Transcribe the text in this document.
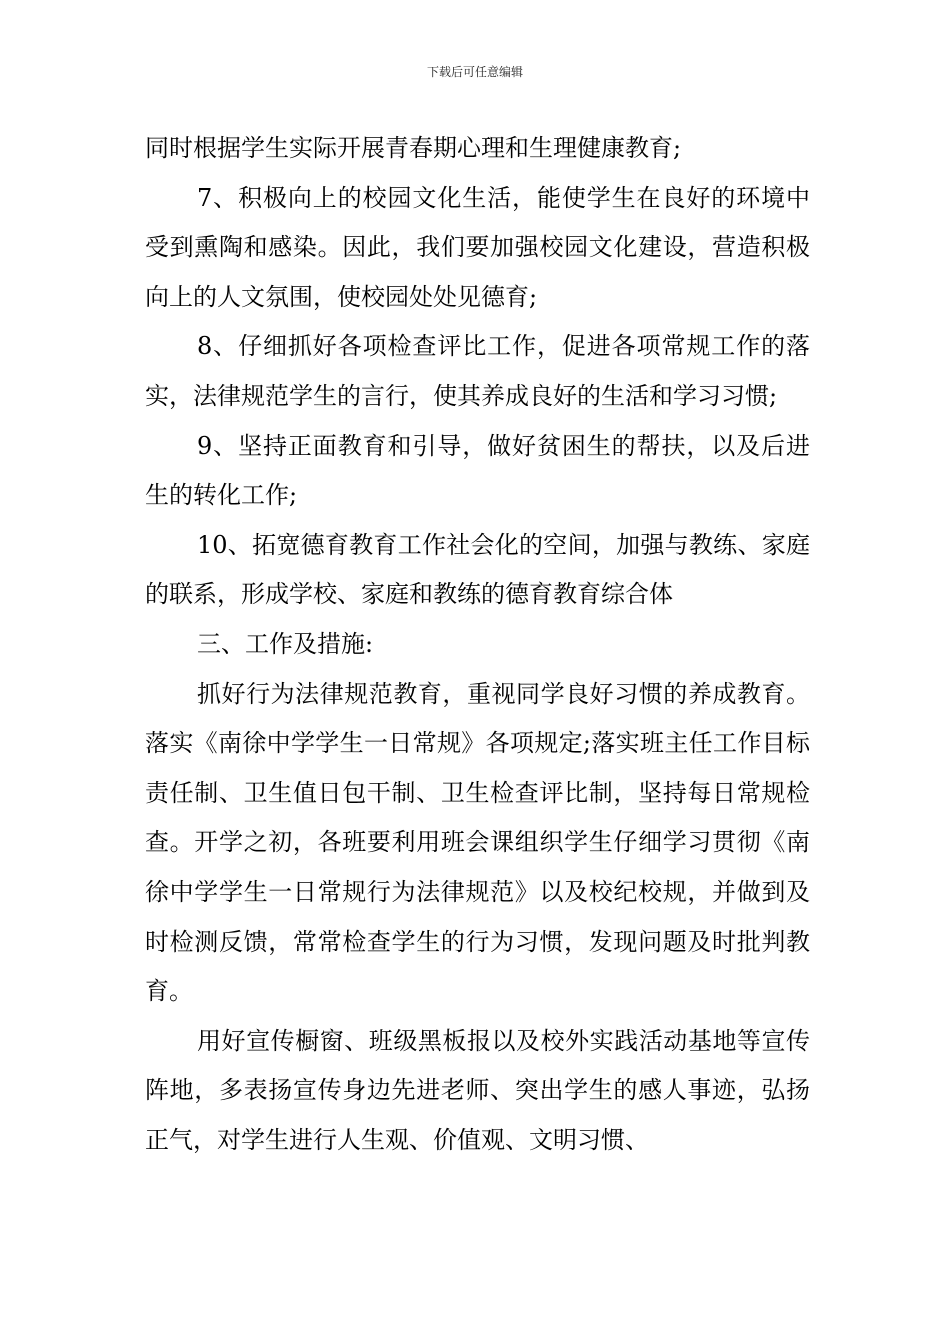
下载后可任意编辑

同时根据学生实际开展青春期心理和生理健康教育;

7、积极向上的校园文化生活，能使学生在良好的环境中受到熏陶和感染。因此，我们要加强校园文化建设，营造积极向上的人文氛围，使校园处处见德育;

8、仔细抓好各项检查评比工作，促进各项常规工作的落实，法律规范学生的言行，使其养成良好的生活和学习习惯;

9、坚持正面教育和引导，做好贫困生的帮扶，以及后进生的转化工作;

10、拓宽德育教育工作社会化的空间，加强与教练、家庭的联系，形成学校、家庭和教练的德育教育综合体

三、工作及措施:

抓好行为法律规范教育，重视同学良好习惯的养成教育。落实《南徐中学学生一日常规》各项规定;落实班主任工作目标责任制、卫生值日包干制、卫生检查评比制，坚持每日常规检查。开学之初，各班要利用班会课组织学生仔细学习贯彻《南徐中学学生一日常规行为法律规范》以及校纪校规，并做到及时检测反馈，常常检查学生的行为习惯，发现问题及时批判教育。

用好宣传橱窗、班级黑板报以及校外实践活动基地等宣传阵地，多表扬宣传身边先进老师、突出学生的感人事迹，弘扬正气，对学生进行人生观、价值观、文明习惯、
